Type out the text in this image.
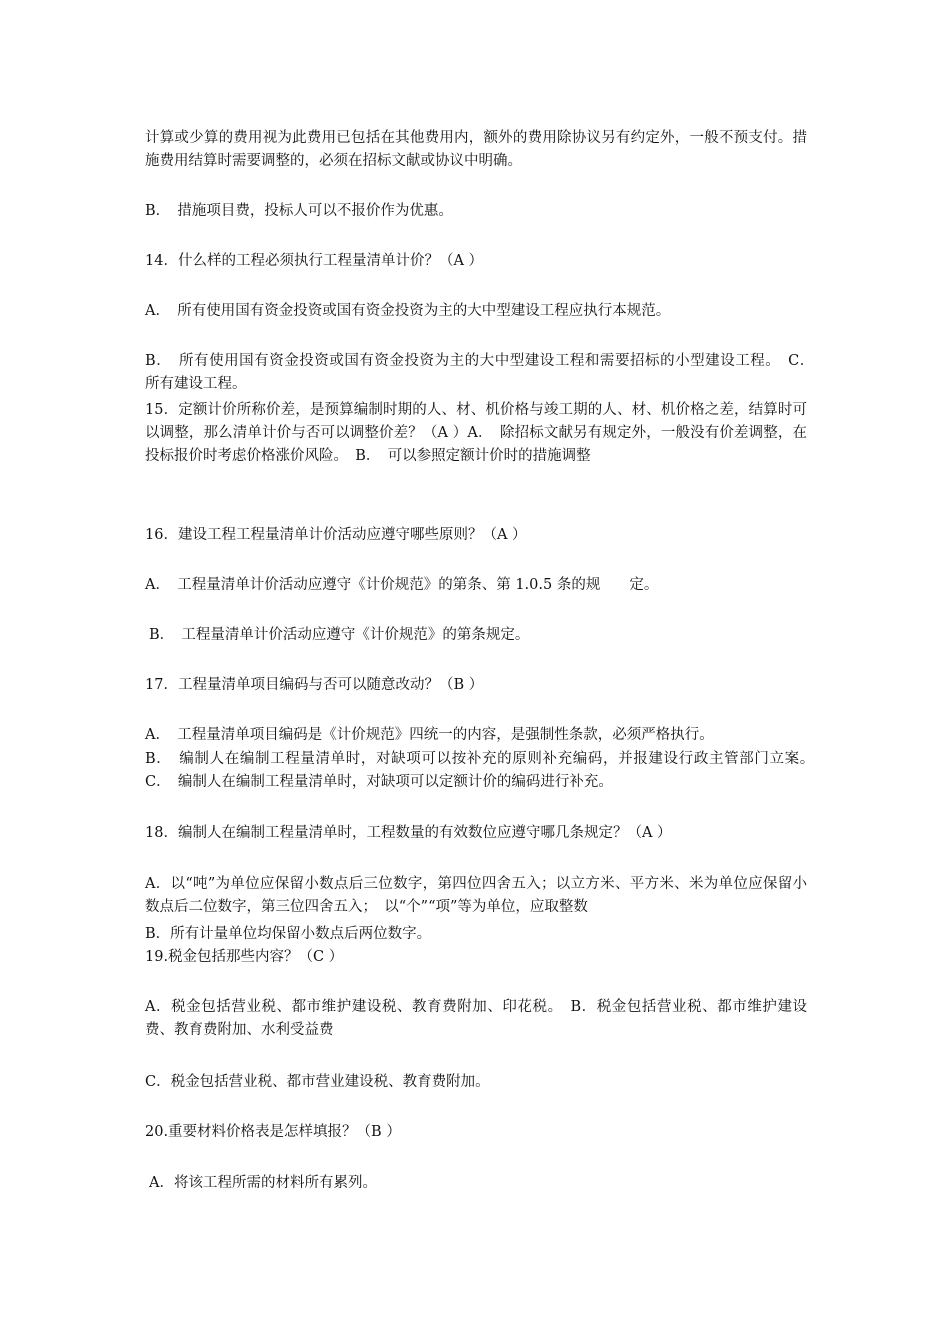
计算或少算的费用视为此费用已包括在其他费用内，额外的费用除协议另有约定外，一般不预支付。措施费用结算时需要调整的，必须在招标文献或协议中明确。

B．　措施项目费，投标人可以不报价作为优惠。

14．什么样的工程必须执行工程量清单计价？（A ）

A．　所有使用国有资金投资或国有资金投资为主的大中型建设工程应执行本规范。

B．　所有使用国有资金投资或国有资金投资为主的大中型建设工程和需要招标的小型建设工程。　C．　所有建设工程。

15．定额计价所称价差，是预算编制时期的人、材、机价格与竣工期的人、材、机价格之差，结算时可以调整，那么清单计价与否可以调整价差？（A ）A．　除招标文献另有规定外，一般没有价差调整，在投标报价时考虑价格涨价风险。　B．　可以参照定额计价时的措施调整

16．建设工程工程量清单计价活动应遵守哪些原则？（A ）

A．　工程量清单计价活动应遵守《计价规范》的第条、第 1.0.5 条的规　　定。

B．　工程量清单计价活动应遵守《计价规范》的第条规定。

17．工程量清单项目编码与否可以随意改动？（B ）

A．　工程量清单项目编码是《计价规范》四统一的内容，是强制性条款，必须严格执行。

B．　编制人在编制工程量清单时，对缺项可以按补充的原则补充编码，并报建设行政主管部门立案。　C．　编制人在编制工程量清单时，对缺项可以定额计价的编码进行补充。

18．编制人在编制工程量清单时，工程数量的有效数位应遵守哪几条规定？（A ）

A．以“吨”为单位应保留小数点后三位数字，第四位四舍五入；以立方米、平方米、米为单位应保留小数点后二位数字，第三位四舍五入；　以“个”“项”等为单位，应取整数

B．所有计量单位均保留小数点后两位数字。

19.税金包括那些内容？（C ）

A．税金包括营业税、都市维护建设税、教育费附加、印花税。　B．税金包括营业税、都市维护建设费、教育费附加、水利受益费

C．税金包括营业税、都市营业建设税、教育费附加。

20.重要材料价格表是怎样填报？（B ）

A．将该工程所需的材料所有累列。
